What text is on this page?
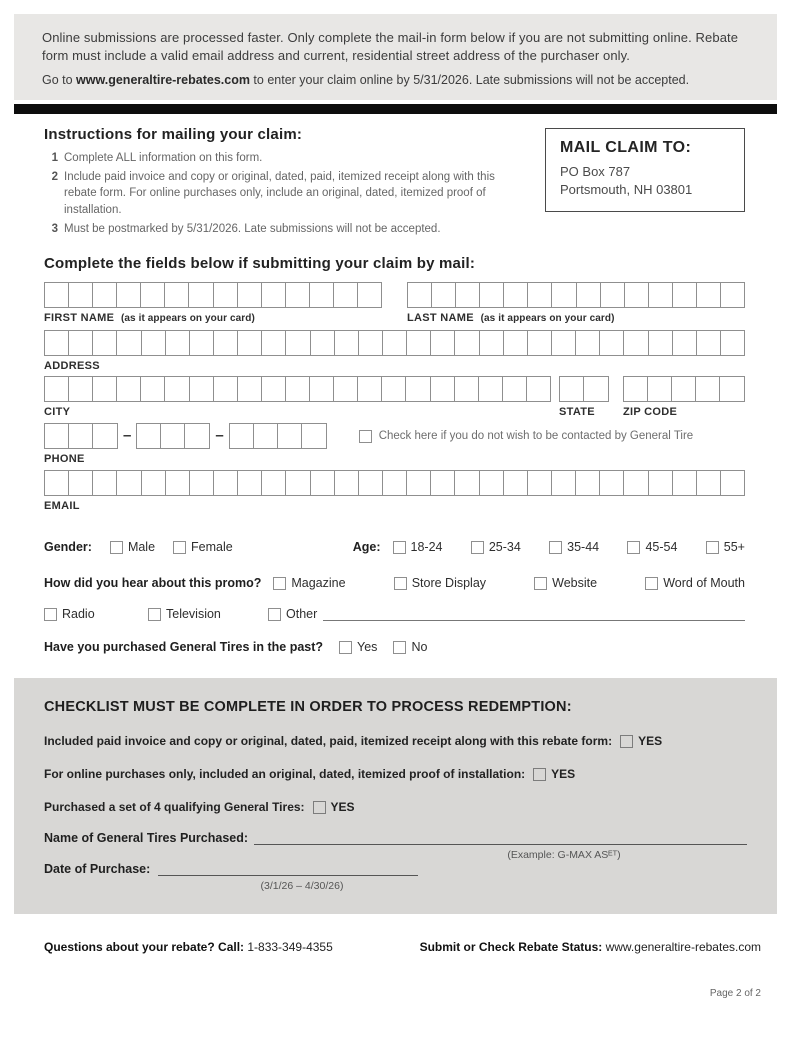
Online submissions are processed faster. Only complete the mail-in form below if you are not submitting online. Rebate form must include a valid email address and current, residential street address of the purchaser only.

Go to www.generaltire-rebates.com to enter your claim online by 5/31/2026. Late submissions will not be accepted.

Instructions for mailing your claim:
1 Complete ALL information on this form.
2 Include paid invoice and copy or original, dated, paid, itemized receipt along with this rebate form. For online purchases only, include an original, dated, itemized proof of installation.
3 Must be postmarked by 5/31/2026. Late submissions will not be accepted.
MAIL CLAIM TO:

PO Box 787

Portsmouth, NH 03801

Complete the fields below if submitting your claim by mail:
FIRST NAME (as it appears on your card)	LAST NAME (as it appears on your card)
ADDRESS
CITY	STATE	ZIP CODE
–	–	Check here if you do not wish to be contacted by General Tire
PHONE
EMAIL
Gender:	Male	Female	Age: 18-24	25-34	35-44	45-54	55+
How did you hear about this promo? Magazine	Store Display	Website	Word of Mouth
Radio	Television	Other
Have you purchased General Tires in the past?	Yes	No
CHECKLIST MUST BE COMPLETE IN ORDER TO PROCESS REDEMPTION:
Included paid invoice and copy or original, dated, paid, itemized receipt along with this rebate form: YES
For online purchases only, included an original, dated, itemized proof of installation: YES
Purchased a set of 4 qualifying General Tires: YES
Name of General Tires Purchased:
(Example: G-MAX ASᴱᵀ)
Date of Purchase:
(3/1/26 – 4/30/26)
Questions about your rebate? Call: 1-833-349-4355	Submit or Check Rebate Status: www.generaltire-rebates.com
Page 2 of 2
